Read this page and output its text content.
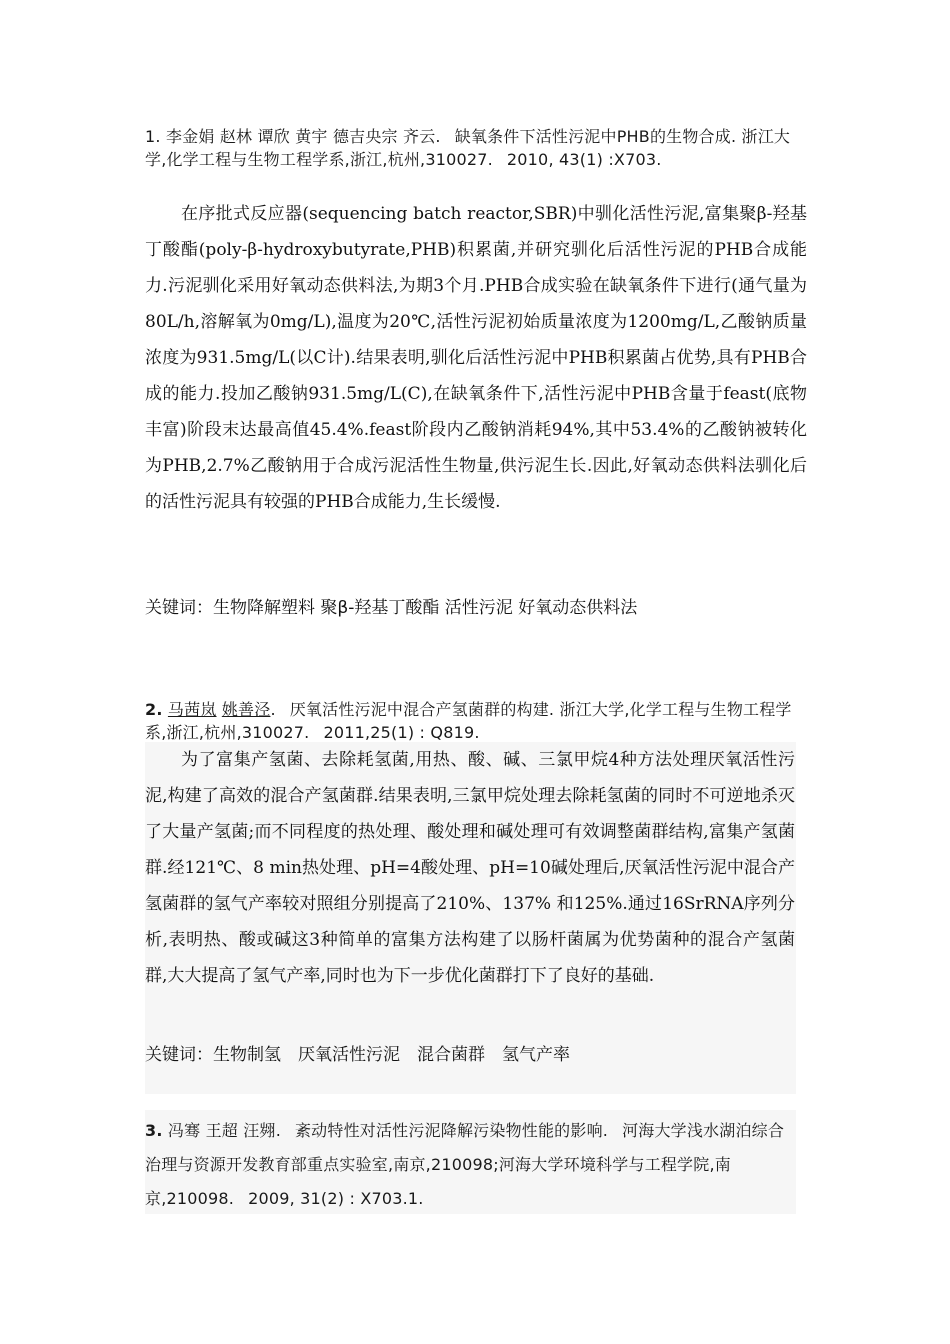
1. 李金娟 赵林 谭欣 黄宇 德吉央宗 齐云. 缺氧条件下活性污泥中PHB的生物合成. 浙江大学,化学工程与生物工程学系,浙江,杭州,310027. 2010, 43(1) :X703.
在序批式反应器(sequencing batch reactor,SBR)中驯化活性污泥,富集聚β-羟基丁酸酯(poly-β-hydroxybutyrate,PHB)积累菌,并研究驯化后活性污泥的PHB合成能力.污泥驯化采用好氧动态供料法,为期3个月.PHB合成实验在缺氧条件下进行(通气量为80L/h,溶解氧为0mg/L),温度为20℃,活性污泥初始质量浓度为1200mg/L,乙酸钠质量浓度为931.5mg/L(以C计).结果表明,驯化后活性污泥中PHB积累菌占优势,具有PHB合成的能力.投加乙酸钠931.5mg/L(C),在缺氧条件下,活性污泥中PHB含量于feast(底物丰富)阶段末达最高值45.4%.feast阶段内乙酸钠消耗94%,其中53.4%的乙酸钠被转化为PHB,2.7%乙酸钠用于合成污泥活性生物量,供污泥生长.因此,好氧动态供料法驯化后的活性污泥具有较强的PHB合成能力,生长缓慢.
关键词：生物降解塑料 聚β-羟基丁酸酯 活性污泥 好氧动态供料法
2. 马茜岚 姚善泾. 厌氧活性污泥中混合产氢菌群的构建. 浙江大学,化学工程与生物工程学系,浙江,杭州,310027. 2011,25(1) : Q819.
为了富集产氢菌、去除耗氢菌,用热、酸、碱、三氯甲烷4种方法处理厌氧活性污泥,构建了高效的混合产氢菌群.结果表明,三氯甲烷处理去除耗氢菌的同时不可逆地杀灭了大量产氢菌;而不同程度的热处理、酸处理和碱处理可有效调整菌群结构,富集产氢菌群.经121℃、8 min热处理、pH=4酸处理、pH=10碱处理后,厌氧活性污泥中混合产氢菌群的氢气产率较对照组分别提高了210%、137% 和125%.通过16SrRNA序列分析,表明热、酸或碱这3种简单的富集方法构建了以肠杆菌属为优势菌种的混合产氢菌群,大大提高了氢气产率,同时也为下一步优化菌群打下了良好的基础.
关键词：生物制氢　厌氧活性污泥　混合菌群　氢气产率
3. 冯骞 王超 汪翙. 紊动特性对活性污泥降解污染物性能的影响. 河海大学浅水湖泊综合治理与资源开发教育部重点实验室,南京,210098;河海大学环境科学与工程学院,南京,210098. 2009, 31(2) : X703.1.
